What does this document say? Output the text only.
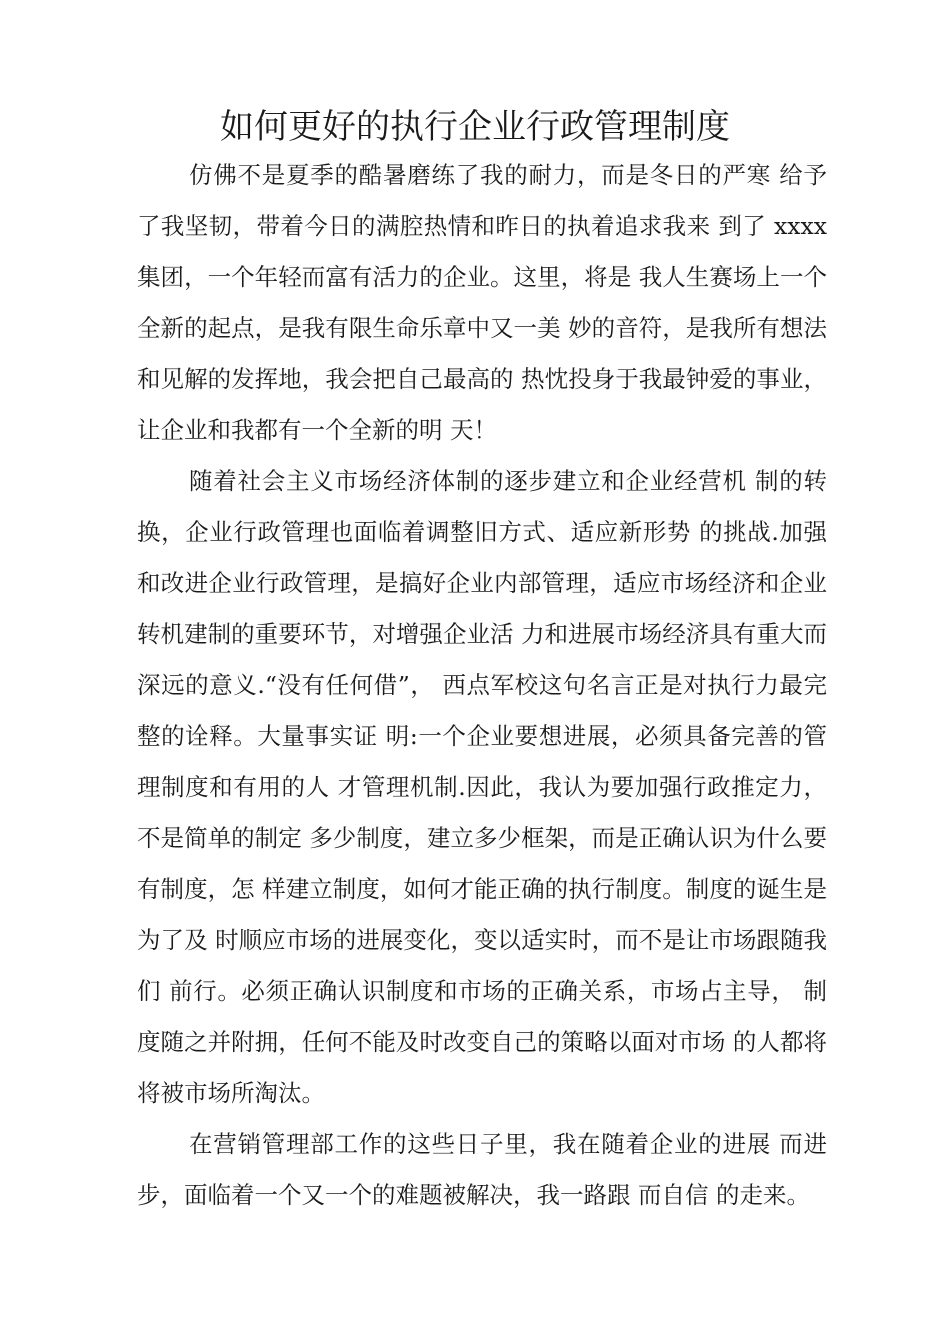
如何更好的执行企业行政管理制度

仿佛不是夏季的酷暑磨练了我的耐力，而是冬日的严寒 给予了我坚韧，带着今日的满腔热情和昨日的执着追求我来 到了 xxxx集团，一个年轻而富有活力的企业。这里，将是 我人生赛场上一个全新的起点，是我有限生命乐章中又一美 妙的音符，是我所有想法和见解的发挥地，我会把自己最高的 热忱投身于我最钟爱的事业，让企业和我都有一个全新的明 天！

随着社会主义市场经济体制的逐步建立和企业经营机 制的转换，企业行政管理也面临着调整旧方式、适应新形势 的挑战.加强和改进企业行政管理，是搞好企业内部管理，适应市场经济和企业转机建制的重要环节，对增强企业活 力和进展市场经济具有重大而深远的意义.“没有任何借”， 西点军校这句名言正是对执行力最完整的诠释。大量事实证 明:一个企业要想进展，必须具备完善的管理制度和有用的人 才管理机制.因此，我认为要加强行政推定力，不是简单的制定 多少制度，建立多少框架，而是正确认识为什么要有制度，怎 样建立制度，如何才能正确的执行制度。制度的诞生是为了及 时顺应市场的进展变化，变以适实时，而不是让市场跟随我们 前行。必须正确认识制度和市场的正确关系，市场占主导， 制度随之并附拥，任何不能及时改变自己的策略以面对市场 的人都将将被市场所淘汰。

在营销管理部工作的这些日子里，我在随着企业的进展 而进步，面临着一个又一个的难题被解决，我一路跟 而自信 的走来。
